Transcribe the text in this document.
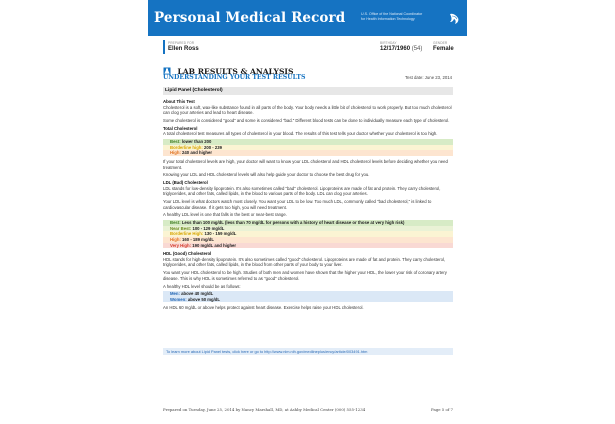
Personal Medical Record	U.S. Office of the National Coordinator
for Health Information Technology
PREPARED FOR
Ellen Ross
BIRTHDAY
12/17/1960 (54)
GENDER
Female
LAB RESULTS & ANALYSIS
UNDERSTANDING YOUR TEST RESULTS	Test date: June 23, 2014
Lipid Panel (Cholesterol)
About This Test

Cholesterol is a soft, wax-like substance found in all parts of the body. Your body needs a little bit of cholesterol to work properly. But too much cholesterol can clog your arteries and lead to heart disease.

Some cholesterol is considered "good" and some is considered "bad." Different blood tests can be done to individually measure each type of cholesterol.

Total Cholesterol

A total cholesterol test measures all types of cholesterol in your blood. The results of this test tells your doctor whether your cholesterol is too high.

Best: lower than 200
Borderline high: 200 - 239
High: 240 and higher

If your total cholesterol levels are high, your doctor will want to know your LDL cholesterol and HDL cholesterol levels before deciding whether you need treatment.

Knowing your LDL and HDL cholesterol levels will also help guide your doctor to choose the best drug for you.

LDL (Bad) Cholesterol

LDL stands for low-density lipoprotein. It's also sometimes called "bad" cholesterol. Lipoproteins are made of fat and protein. They carry cholesterol, triglycerides, and other fats, called lipids, in the blood to various parts of the body. LDL can clog your arteries.

Your LDL level is what doctors watch most closely. You want your LDL to be low. Too much LDL, commonly called "bad cholesterol," is linked to cardiovascular disease. If it gets too high, you will need treatment.

A healthy LDL level is one that falls in the best or near-best range.

Best: Less than 100 mg/dL (less than 70 mg/dL for persons with a history of heart disease or those at very high risk)
Near Best: 100 - 129 mg/dL
Borderline High: 130 - 159 mg/dL
High: 160 - 189 mg/dL
Very High: 190 mg/dL and higher
HDL (Good) Cholesterol

HDL stands for high-density lipoprotein. It's also sometimes called "good" cholesterol. Lipoproteins are made of fat and protein. They carry cholesterol, triglycerides, and other fats, called lipids, in the blood from other parts of your body to your liver.

You want your HDL cholesterol to be high. Studies of both men and women have shown that the higher your HDL, the lower your risk of coronary artery disease. This is why HDL is sometimes referred to as "good" cholesterol.

A healthy HDL level should be as follows:

Men: above 40 mg/dL
Women: above 50 mg/dL

An HDL 60 mg/dL or above helps protect against heart disease. Exercise helps raise your HDL cholesterol.

To learn more about Lipid Panel tests, click here or go to http://www.nlm.nih.gov/medlineplus/ency/article/003491.htm
Prepared on Tuesday, June 25, 2014 by Nancy Marshall, MD, at Ashby Medical Center (000) 555-1234	Page 5 of 7
